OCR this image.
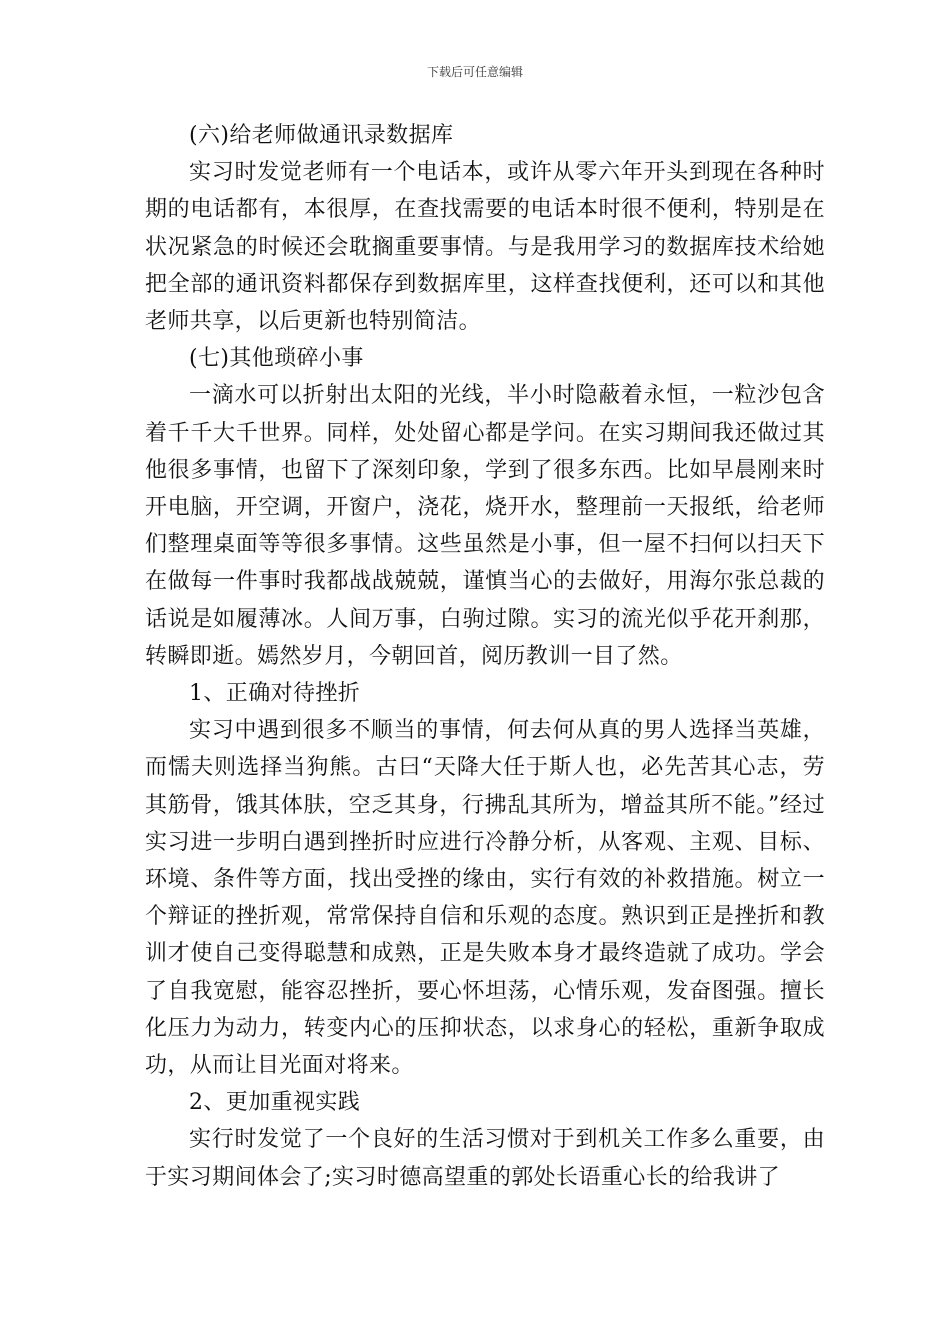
下载后可任意编辑

(六)给老师做通讯录数据库

实习时发觉老师有一个电话本，或许从零六年开头到现在各种时期的电话都有，本很厚，在查找需要的电话本时很不便利，特别是在状况紧急的时候还会耽搁重要事情。与是我用学习的数据库技术给她把全部的通讯资料都保存到数据库里，这样查找便利，还可以和其他老师共享，以后更新也特别简洁。

(七)其他琐碎小事

一滴水可以折射出太阳的光线，半小时隐蔽着永恒，一粒沙包含着千千大千世界。同样，处处留心都是学问。在实习期间我还做过其他很多事情，也留下了深刻印象，学到了很多东西。比如早晨刚来时开电脑，开空调，开窗户，浇花，烧开水，整理前一天报纸，给老师们整理桌面等等很多事情。这些虽然是小事，但一屋不扫何以扫天下在做每一件事时我都战战兢兢，谨慎当心的去做好，用海尔张总裁的话说是如履薄冰。人间万事，白驹过隙。实习的流光似乎花开刹那，转瞬即逝。嫣然岁月，今朝回首，阅历教训一目了然。

1、正确对待挫折

实习中遇到很多不顺当的事情，何去何从真的男人选择当英雄，而懦夫则选择当狗熊。古曰“天降大任于斯人也，必先苦其心志，劳其筋骨，饿其体肤，空乏其身，行拂乱其所为，增益其所不能。”经过实习进一步明白遇到挫折时应进行冷静分析，从客观、主观、目标、环境、条件等方面，找出受挫的缘由，实行有效的补救措施。树立一个辩证的挫折观，常常保持自信和乐观的态度。熟识到正是挫折和教训才使自己变得聪慧和成熟，正是失败本身才最终造就了成功。学会了自我宽慰，能容忍挫折，要心怀坦荡，心情乐观，发奋图强。擅长化压力为动力，转变内心的压抑状态，以求身心的轻松，重新争取成功，从而让目光面对将来。

2、更加重视实践

实行时发觉了一个良好的生活习惯对于到机关工作多么重要，由于实习期间体会了;实习时德高望重的郭处长语重心长的给我讲了
